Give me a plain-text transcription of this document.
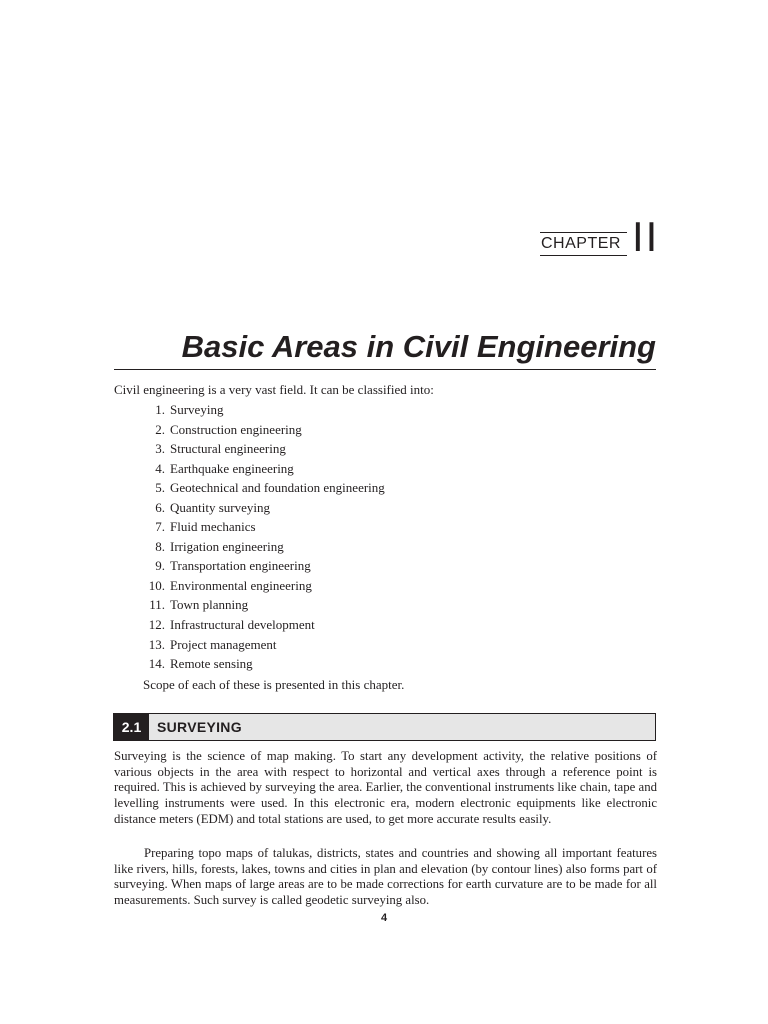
CHAPTER II
Basic Areas in Civil Engineering

Civil engineering is a very vast field. It can be classified into:

1. Surveying
2. Construction engineering
3. Structural engineering
4. Earthquake engineering
5. Geotechnical and foundation engineering
6. Quantity surveying
7. Fluid mechanics
8. Irrigation engineering
9. Transportation engineering
10. Environmental engineering
11. Town planning
12. Infrastructural development
13. Project management
14. Remote sensing

Scope of each of these is presented in this chapter.

2.1	SURVEYING

Surveying is the science of map making. To start any development activity, the relative positions of various objects in the area with respect to horizontal and vertical axes through a reference point is required. This is achieved by surveying the area. Earlier, the conventional instruments like chain, tape and levelling instruments were used. In this electronic era, modern electronic equipments like electronic distance meters (EDM) and total stations are used, to get more accurate results easily.

Preparing topo maps of talukas, districts, states and countries and showing all important features like rivers, hills, forests, lakes, towns and cities in plan and elevation (by contour lines) also forms part of surveying. When maps of large areas are to be made corrections for earth curvature are to be made for all measurements. Such survey is called geodetic surveying also.

4
